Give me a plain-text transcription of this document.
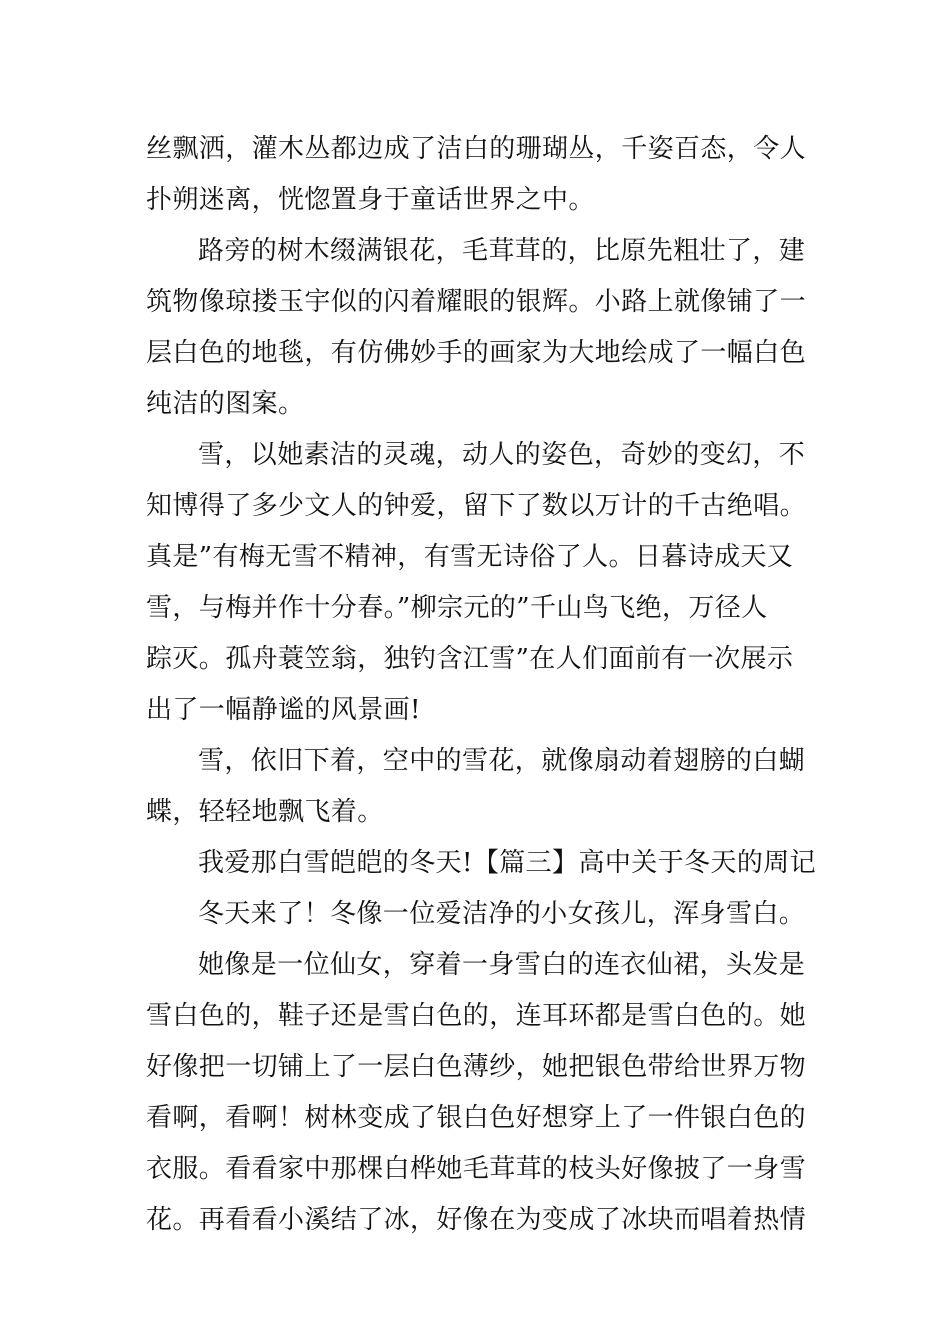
丝飘洒，灌木丛都边成了洁白的珊瑚丛，千姿百态，令人
扑朔迷离，恍惚置身于童话世界之中。
路旁的树木缀满银花，毛茸茸的，比原先粗壮了，建
筑物像琼搂玉宇似的闪着耀眼的银辉。小路上就像铺了一
层白色的地毯，有仿佛妙手的画家为大地绘成了一幅白色
纯洁的图案。
雪，以她素洁的灵魂，动人的姿色，奇妙的变幻，不
知博得了多少文人的钟爱，留下了数以万计的千古绝唱。
真是”有梅无雪不精神，有雪无诗俗了人。日暮诗成天又
雪，与梅并作十分春。”柳宗元的”千山鸟飞绝，万径人
踪灭。孤舟蓑笠翁，独钓含江雪”在人们面前有一次展示
出了一幅静谧的风景画!
雪，依旧下着，空中的雪花，就像扇动着翅膀的白蝴
蝶，轻轻地飘飞着。
我爱那白雪皑皑的冬天!【篇三】高中关于冬天的周记
冬天来了！冬像一位爱洁净的小女孩儿，浑身雪白。
她像是一位仙女，穿着一身雪白的连衣仙裙，头发是
雪白色的，鞋子还是雪白色的，连耳环都是雪白色的。她
好像把一切铺上了一层白色薄纱，她把银色带给世界万物
看啊，看啊！树林变成了银白色好想穿上了一件银白色的
衣服。看看家中那棵白桦她毛茸茸的枝头好像披了一身雪
花。再看看小溪结了冰，好像在为变成了冰块而唱着热情
